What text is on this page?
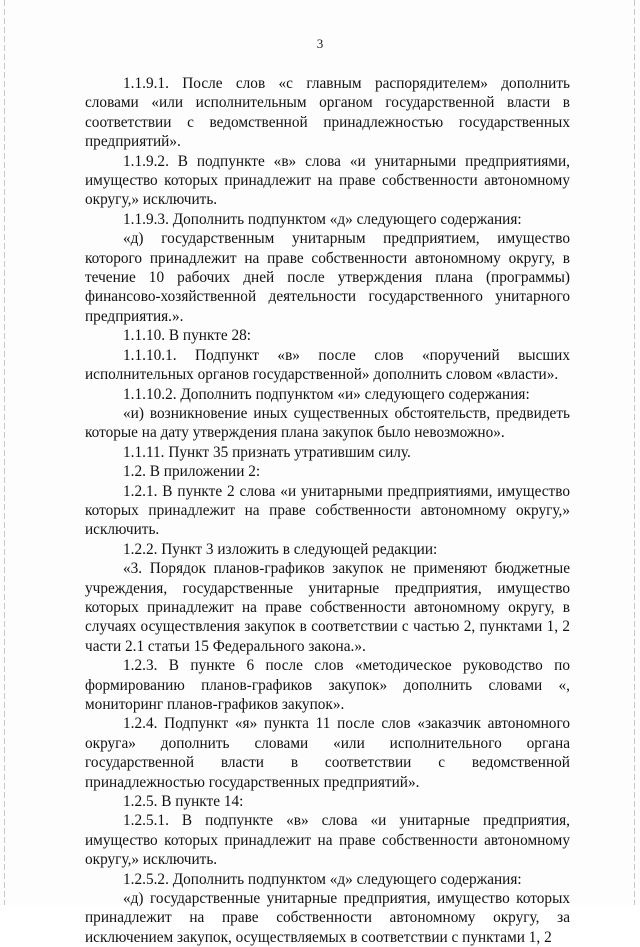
3

1.1.9.1. После слов «с главным распорядителем» дополнить словами «или исполнительным органом государственной власти в соответствии с ведомственной принадлежностью государственных предприятий».

1.1.9.2. В подпункте «в» слова «и унитарными предприятиями, имущество которых принадлежит на праве собственности автономному округу,» исключить.

1.1.9.3. Дополнить подпунктом «д» следующего содержания:

«д) государственным унитарным предприятием, имущество которого принадлежит на праве собственности автономному округу, в течение 10 рабочих дней после утверждения плана (программы) финансово-хозяйственной деятельности государственного унитарного предприятия.».

1.1.10. В пункте 28:

1.1.10.1. Подпункт «в» после слов «поручений высших исполнительных органов государственной» дополнить словом «власти».

1.1.10.2. Дополнить подпунктом «и» следующего содержания:

«и) возникновение иных существенных обстоятельств, предвидеть которые на дату утверждения плана закупок было невозможно».

1.1.11. Пункт 35 признать утратившим силу.

1.2. В приложении 2:

1.2.1. В пункте 2 слова «и унитарными предприятиями, имущество которых принадлежит на праве собственности автономному округу,» исключить.

1.2.2. Пункт 3 изложить в следующей редакции:

«3. Порядок планов-графиков закупок не применяют бюджетные учреждения, государственные унитарные предприятия, имущество которых принадлежит на праве собственности автономному округу, в случаях осуществления закупок в соответствии с частью 2, пунктами 1, 2 части 2.1 статьи 15 Федерального закона.».

1.2.3. В пункте 6 после слов «методическое руководство по формированию планов-графиков закупок» дополнить словами «, мониторинг планов-графиков закупок».

1.2.4. Подпункт «я» пункта 11 после слов «заказчик автономного округа» дополнить словами «или исполнительного органа государственной власти в соответствии с ведомственной принадлежностью государственных предприятий».

1.2.5. В пункте 14:

1.2.5.1. В подпункте «в» слова «и унитарные предприятия, имущество которых принадлежит на праве собственности автономному округу,» исключить.

1.2.5.2. Дополнить подпунктом «д» следующего содержания:

«д) государственные унитарные предприятия, имущество которых принадлежит на праве собственности автономному округу, за исключением закупок, осуществляемых в соответствии с пунктами 1, 2
